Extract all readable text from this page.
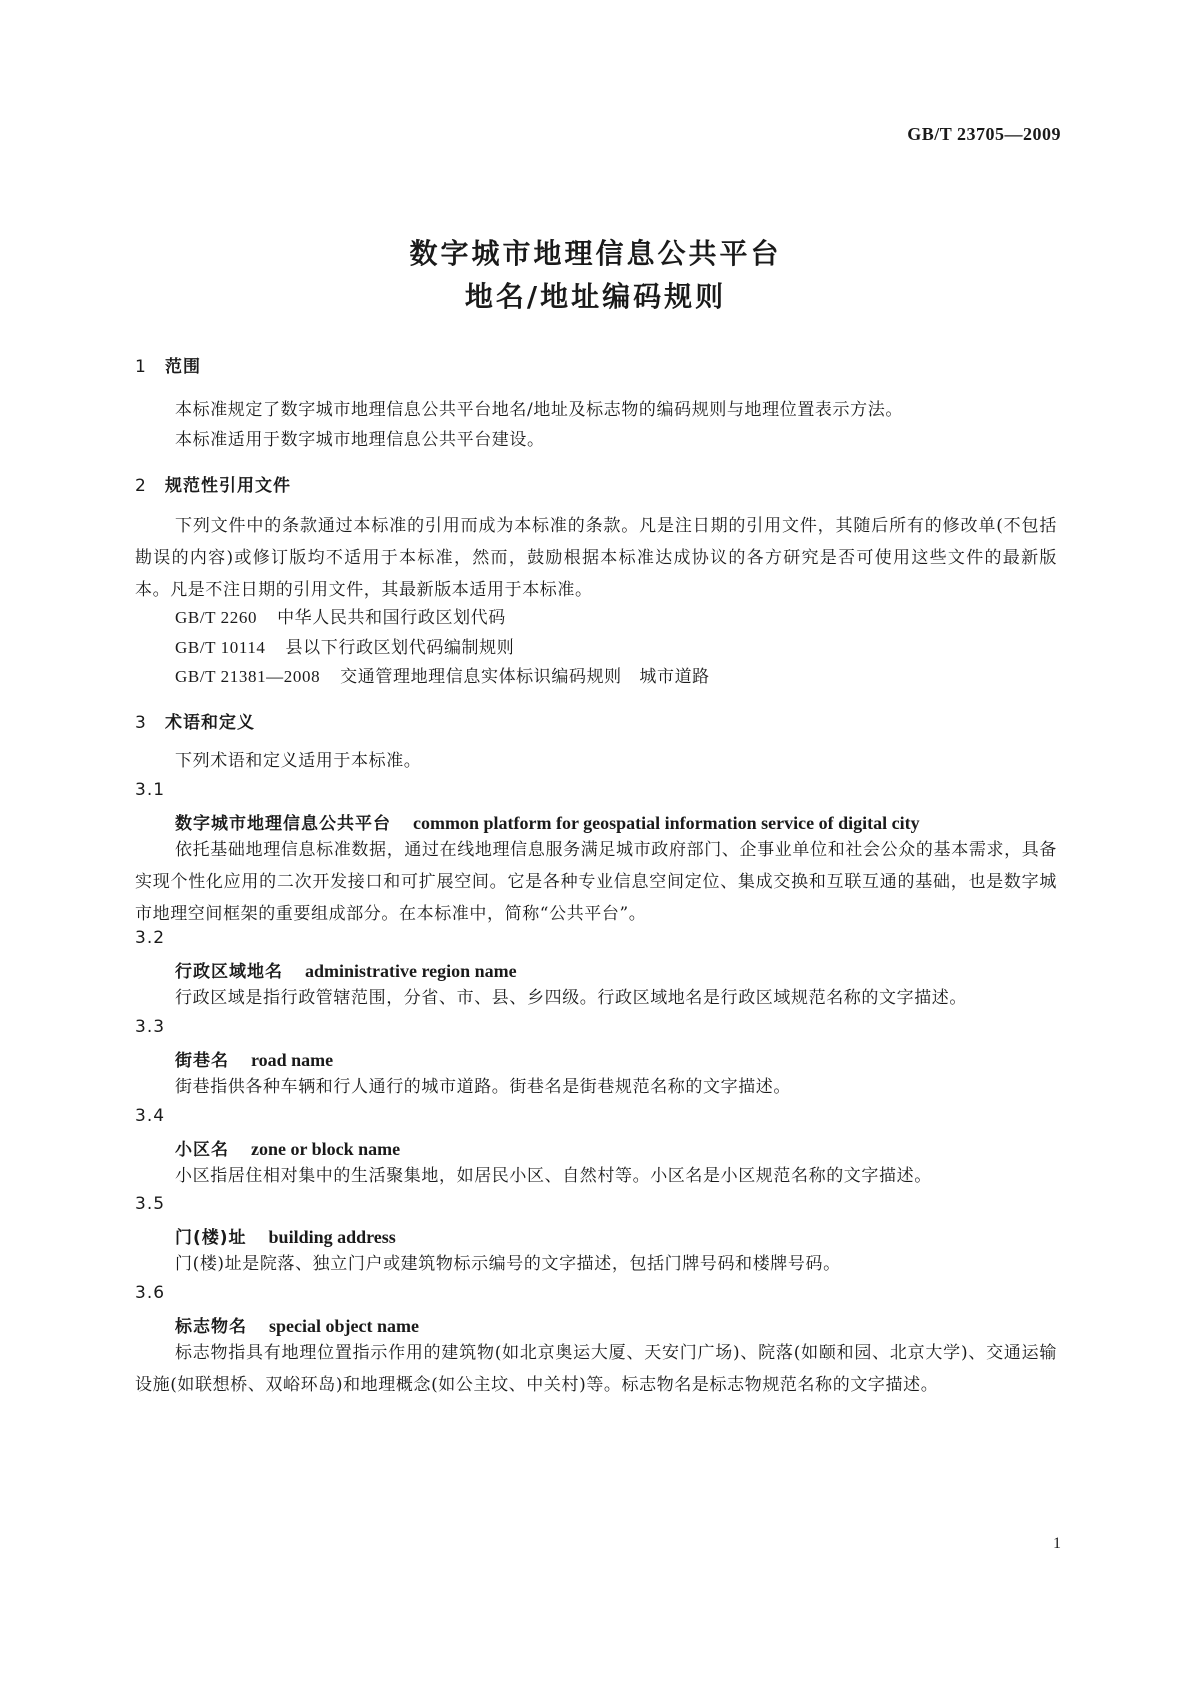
GB/T 23705—2009

数字城市地理信息公共平台
地名/地址编码规则
1 范围

本标准规定了数字城市地理信息公共平台地名/地址及标志物的编码规则与地理位置表示方法。

本标准适用于数字城市地理信息公共平台建设。

2 规范性引用文件

下列文件中的条款通过本标准的引用而成为本标准的条款。凡是注日期的引用文件，其随后所有的修改单(不包括勘误的内容)或修订版均不适用于本标准，然而，鼓励根据本标准达成协议的各方研究是否可使用这些文件的最新版本。凡是不注日期的引用文件，其最新版本适用于本标准。

GB/T 2260 中华人民共和国行政区划代码

GB/T 10114 县以下行政区划代码编制规则

GB/T 21381—2008 交通管理地理信息实体标识编码规则　城市道路

3 术语和定义

下列术语和定义适用于本标准。

3.1

数字城市地理信息公共平台 common platform for geospatial information service of digital city

依托基础地理信息标准数据，通过在线地理信息服务满足城市政府部门、企事业单位和社会公众的基本需求，具备实现个性化应用的二次开发接口和可扩展空间。它是各种专业信息空间定位、集成交换和互联互通的基础，也是数字城市地理空间框架的重要组成部分。在本标准中，简称“公共平台”。

3.2

行政区域地名 administrative region name

行政区域是指行政管辖范围，分省、市、县、乡四级。行政区域地名是行政区域规范名称的文字描述。

3.3

街巷名 road name

街巷指供各种车辆和行人通行的城市道路。街巷名是街巷规范名称的文字描述。

3.4

小区名 zone or block name

小区指居住相对集中的生活聚集地，如居民小区、自然村等。小区名是小区规范名称的文字描述。

3.5

门(楼)址 building address

门(楼)址是院落、独立门户或建筑物标示编号的文字描述，包括门牌号码和楼牌号码。

3.6

标志物名 special object name

标志物指具有地理位置指示作用的建筑物(如北京奥运大厦、天安门广场)、院落(如颐和园、北京大学)、交通运输设施(如联想桥、双峪环岛)和地理概念(如公主坟、中关村)等。标志物名是标志物规范名称的文字描述。

1
